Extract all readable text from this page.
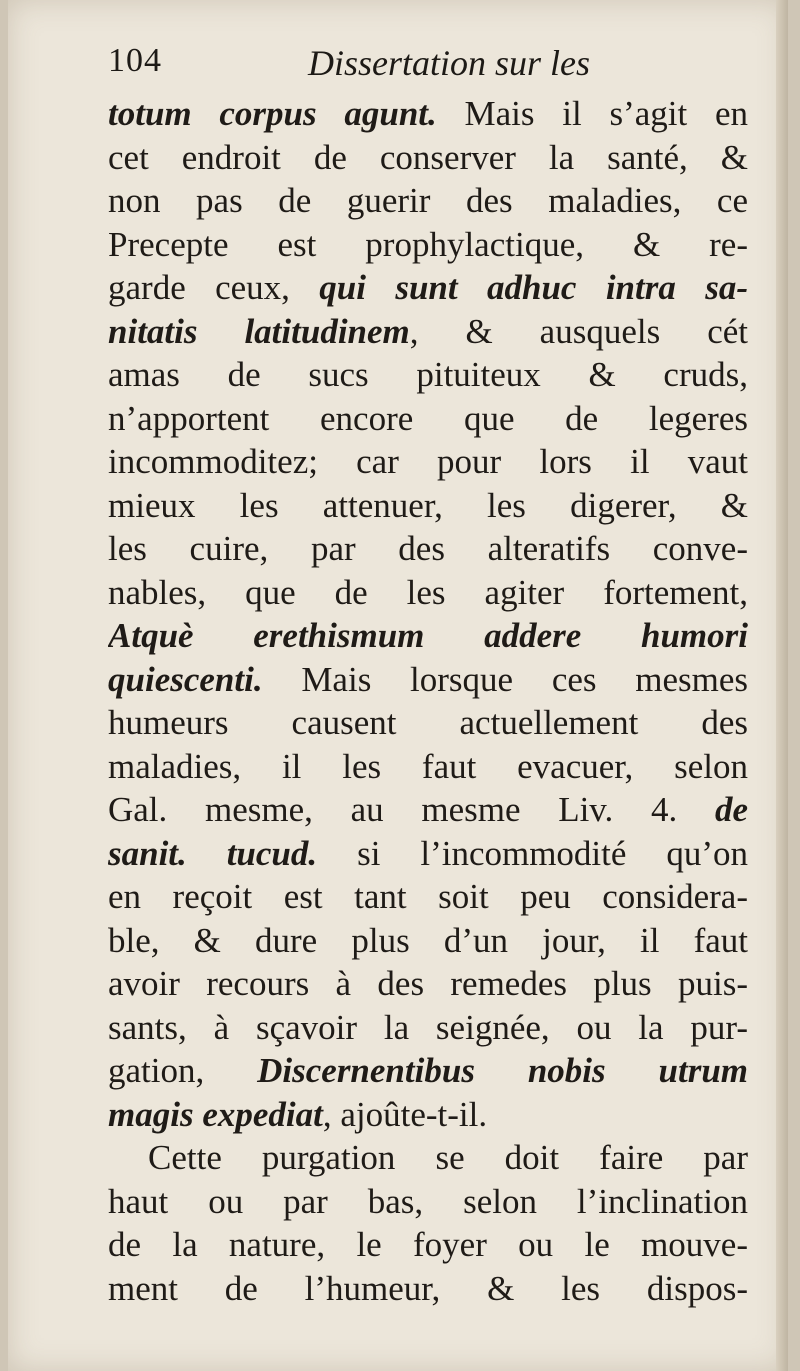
104	Dissertation sur les
totum corpus agunt. Mais il s’agit en
cet endroit de conserver la santé, &
non pas de guerir des maladies, ce
Precepte est prophylactique, & re-
garde ceux, qui sunt adhuc intra sa-
nitatis latitudinem, & ausquels cét
amas de sucs pituiteux & cruds,
n’apportent encore que de legeres
incommoditez; car pour lors il vaut
mieux les attenuer, les digerer, &
les cuire, par des alteratifs conve-
nables, que de les agiter fortement,
Atquè erethismum addere humori
quiescenti. Mais lorsque ces mesmes
humeurs causent actuellement des
maladies, il les faut evacuer, selon
Gal. mesme, au mesme Liv. 4. de
sanit. tucud. si l’incommodité qu’on
en reçoit est tant soit peu considera-
ble, & dure plus d’un jour, il faut
avoir recours à des remedes plus puis-
sants, à sçavoir la seignée, ou la pur-
gation, Discernentibus nobis utrum
magis expediat, ajoûte-t-il.
Cette purgation se doit faire par
haut ou par bas, selon l’inclination
de la nature, le foyer ou le mouve-
ment de l’humeur, & les dispos-
